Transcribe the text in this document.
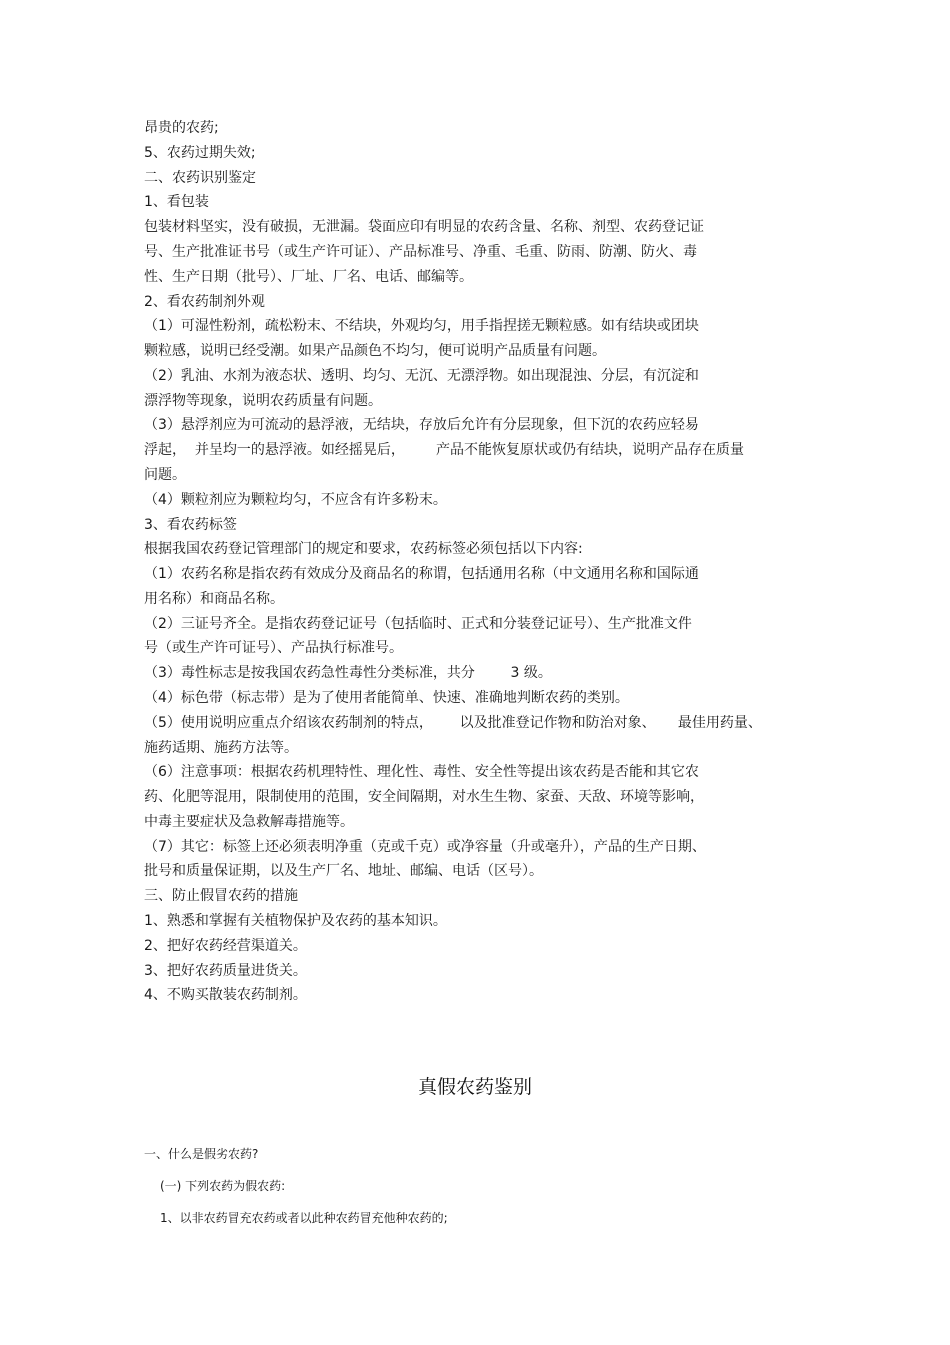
昂贵的农药;
5、农药过期失效;
二、农药识别鉴定
1、看包装
包装材料坚实，没有破损，无泄漏。袋面应印有明显的农药含量、名称、剂型、农药登记证
号、生产批准证书号（或生产许可证）、产品标准号、净重、毛重、防雨、防潮、防火、毒
性、生产日期（批号）、厂址、厂名、电话、邮编等。
2、看农药制剂外观
（1）可湿性粉剂，疏松粉末、不结块，外观均匀，用手指捏搓无颗粒感。如有结块或团块
颗粒感，说明已经受潮。如果产品颜色不均匀，便可说明产品质量有问题。
（2）乳油、水剂为液态状、透明、均匀、无沉、无漂浮物。如出现混浊、分层，有沉淀和
漂浮物等现象，说明农药质量有问题。
（3）悬浮剂应为可流动的悬浮液，无结块，存放后允许有分层现象，但下沉的农药应轻易
浮起，  并呈均一的悬浮液。如经摇晃后，       产品不能恢复原状或仍有结块，说明产品存在质量
问题。
（4）颗粒剂应为颗粒均匀，不应含有许多粉末。
3、看农药标签
根据我国农药登记管理部门的规定和要求，农药标签必须包括以下内容:
（1）农药名称是指农药有效成分及商品名的称谓，包括通用名称（中文通用名称和国际通
用名称）和商品名称。
（2）三证号齐全。是指农药登记证号（包括临时、正式和分装登记证号）、生产批准文件
号（或生产许可证号）、产品执行标准号。
（3）毒性标志是按我国农药急性毒性分类标准，共分        3 级。
（4）标色带（标志带）是为了使用者能简单、快速、准确地判断农药的类别。
（5）使用说明应重点介绍该农药制剂的特点，      以及批准登记作物和防治对象、     最佳用药量、
施药适期、施药方法等。
（6）注意事项：根据农药机理特性、理化性、毒性、安全性等提出该农药是否能和其它农
药、化肥等混用，限制使用的范围，安全间隔期，对水生生物、家蚕、天敌、环境等影响，
中毒主要症状及急救解毒措施等。
（7）其它：标签上还必须表明净重（克或千克）或净容量（升或毫升），产品的生产日期、
批号和质量保证期，以及生产厂名、地址、邮编、电话（区号）。
三、防止假冒农药的措施
1、熟悉和掌握有关植物保护及农药的基本知识。
2、把好农药经营渠道关。
3、把好农药质量进货关。
4、不购买散装农药制剂。
真假农药鉴别
一、什么是假劣农药?
(一) 下列农药为假农药:
1、以非农药冒充农药或者以此种农药冒充他种农药的;
